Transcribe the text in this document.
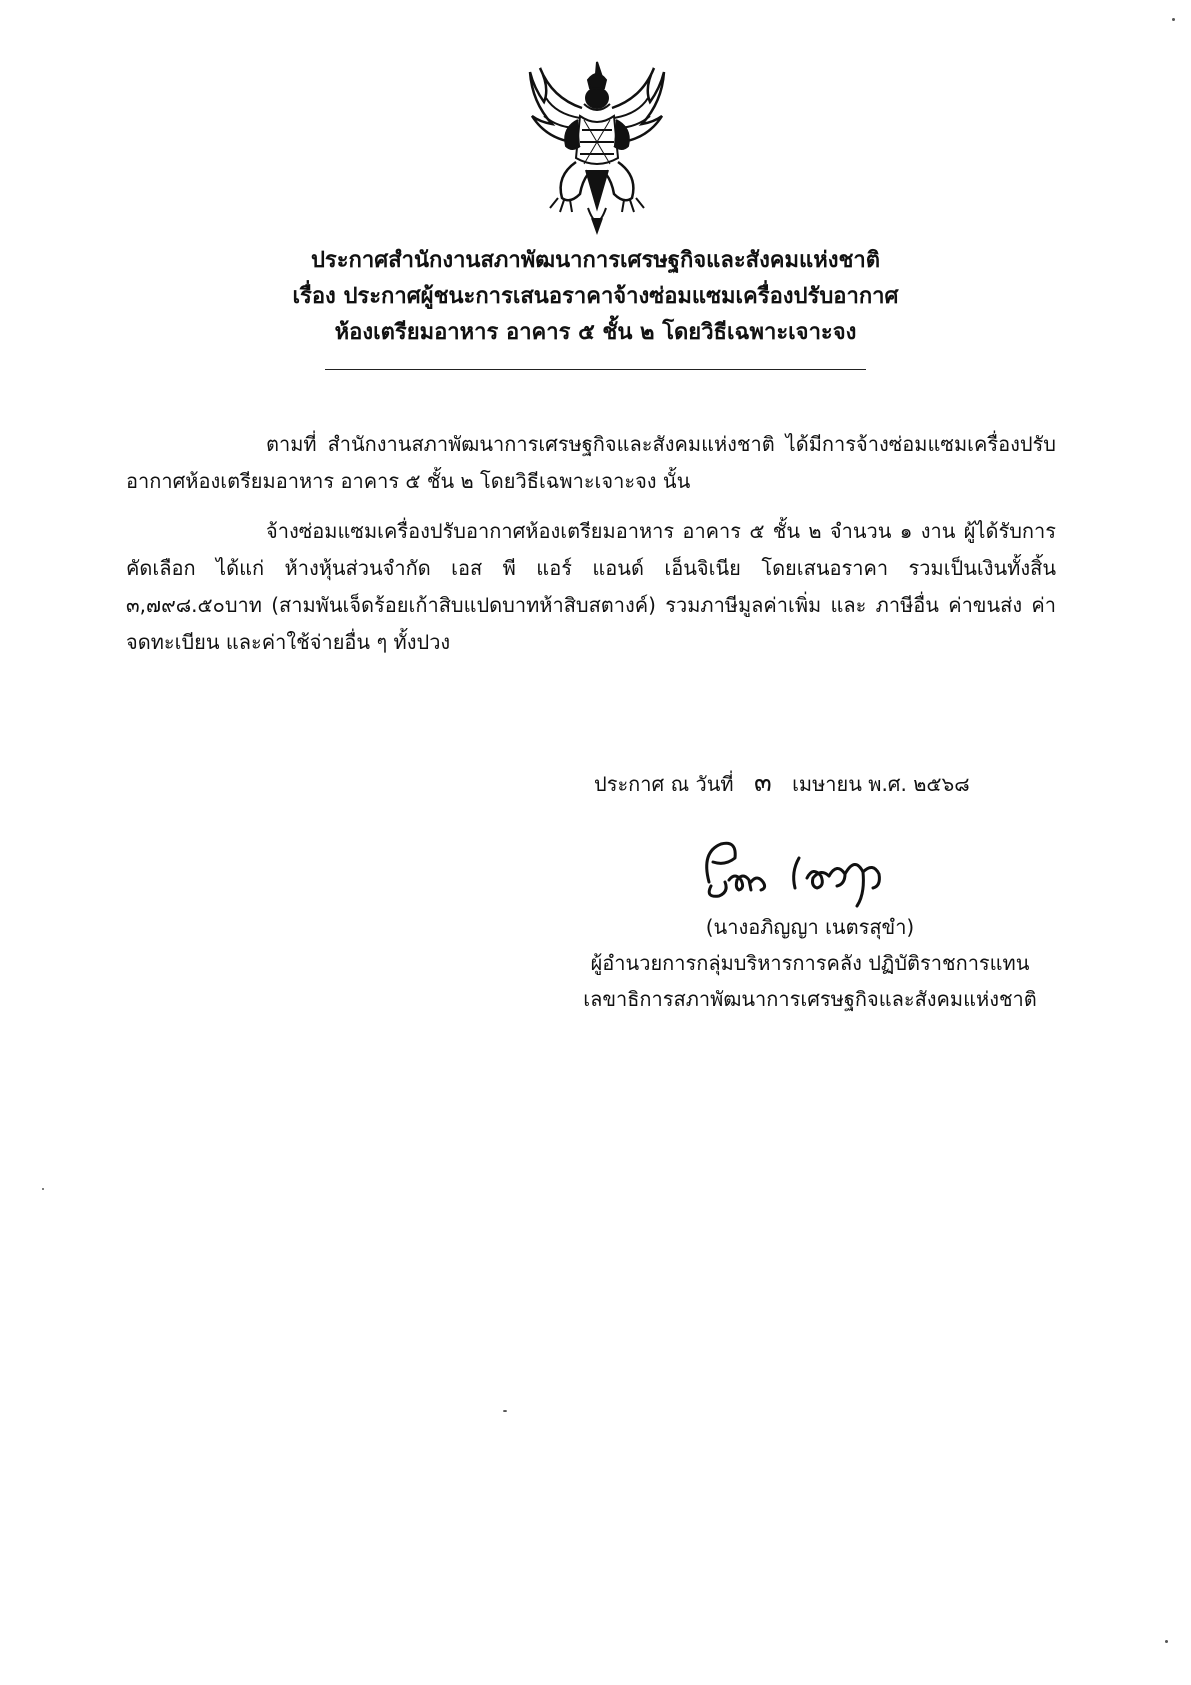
ประกาศสำนักงานสภาพัฒนาการเศรษฐกิจและสังคมแห่งชาติ
เรื่อง ประกาศผู้ชนะการเสนอราคาจ้างซ่อมแซมเครื่องปรับอากาศ
ห้องเตรียมอาหาร อาคาร ๕ ชั้น ๒ โดยวิธีเฉพาะเจาะจง
ตามที่ สำนักงานสภาพัฒนาการเศรษฐกิจและสังคมแห่งชาติ ได้มีการจ้างซ่อมแซมเครื่องปรับอากาศห้องเตรียมอาหาร อาคาร ๕ ชั้น ๒ โดยวิธีเฉพาะเจาะจง นั้น
จ้างซ่อมแซมเครื่องปรับอากาศห้องเตรียมอาหาร อาคาร ๕ ชั้น ๒ จำนวน ๑ งาน ผู้ได้รับการคัดเลือก ได้แก่ ห้างหุ้นส่วนจำกัด เอส พี แอร์ แอนด์ เอ็นจิเนีย โดยเสนอราคา รวมเป็นเงินทั้งสิ้น ๓,๗๙๘.๕๐บาท (สามพันเจ็ดร้อยเก้าสิบแปดบาทห้าสิบสตางค์) รวมภาษีมูลค่าเพิ่ม และ ภาษีอื่น ค่าขนส่ง ค่าจดทะเบียน และค่าใช้จ่ายอื่น ๆ ทั้งปวง
ประกาศ ณ วันที่ ๓ เมษายน พ.ศ. ๒๕๖๘
(นางอภิญญา เนตรสุขำ)
ผู้อำนวยการกลุ่มบริหารการคลัง ปฏิบัติราชการแทน
เลขาธิการสภาพัฒนาการเศรษฐกิจและสังคมแห่งชาติ
